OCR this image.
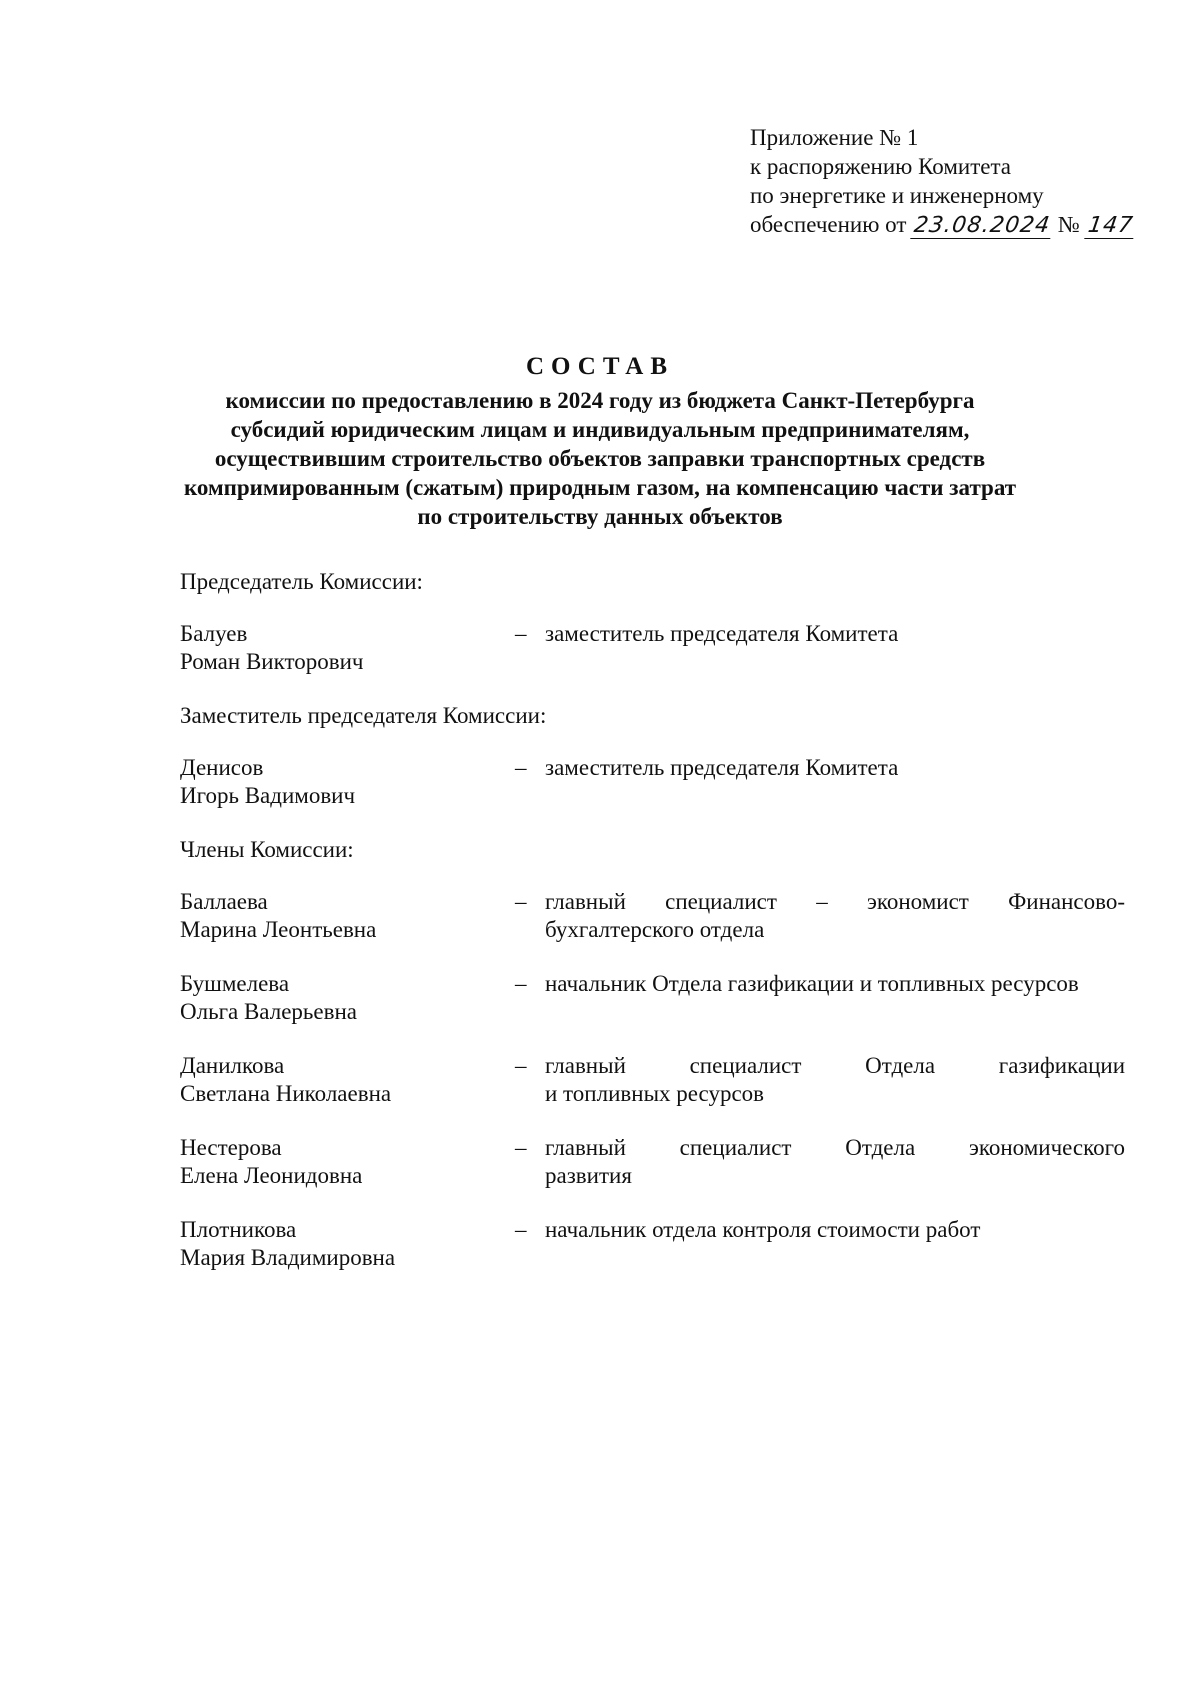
Приложение № 1
к распоряжению Комитета
по энергетике и инженерному
обеспечению от 23.08.2024 № 147
СОСТАВ
комиссии по предоставлению в 2024 году из бюджета Санкт-Петербурга
субсидий юридическим лицам и индивидуальным предпринимателям,
осуществившим строительство объектов заправки транспортных средств
компримированным (сжатым) природным газом, на компенсацию части затрат
по строительству данных объектов
Председатель Комиссии:
Балуев
Роман Викторович
– заместитель председателя Комитета
Заместитель председателя Комиссии:
Денисов
Игорь Вадимович
– заместитель председателя Комитета
Члены Комиссии:
Баллаева
Марина Леонтьевна
– главный специалист – экономист Финансово-
бухгалтерского отдела
Бушмелева
Ольга Валерьевна
– начальник Отдела газификации и топливных ресурсов
Данилкова
Светлана Николаевна
– главный специалист Отдела газификации
и топливных ресурсов
Нестерова
Елена Леонидовна
– главный специалист Отдела экономического
развития
Плотникова
Мария Владимировна
– начальник отдела контроля стоимости работ
